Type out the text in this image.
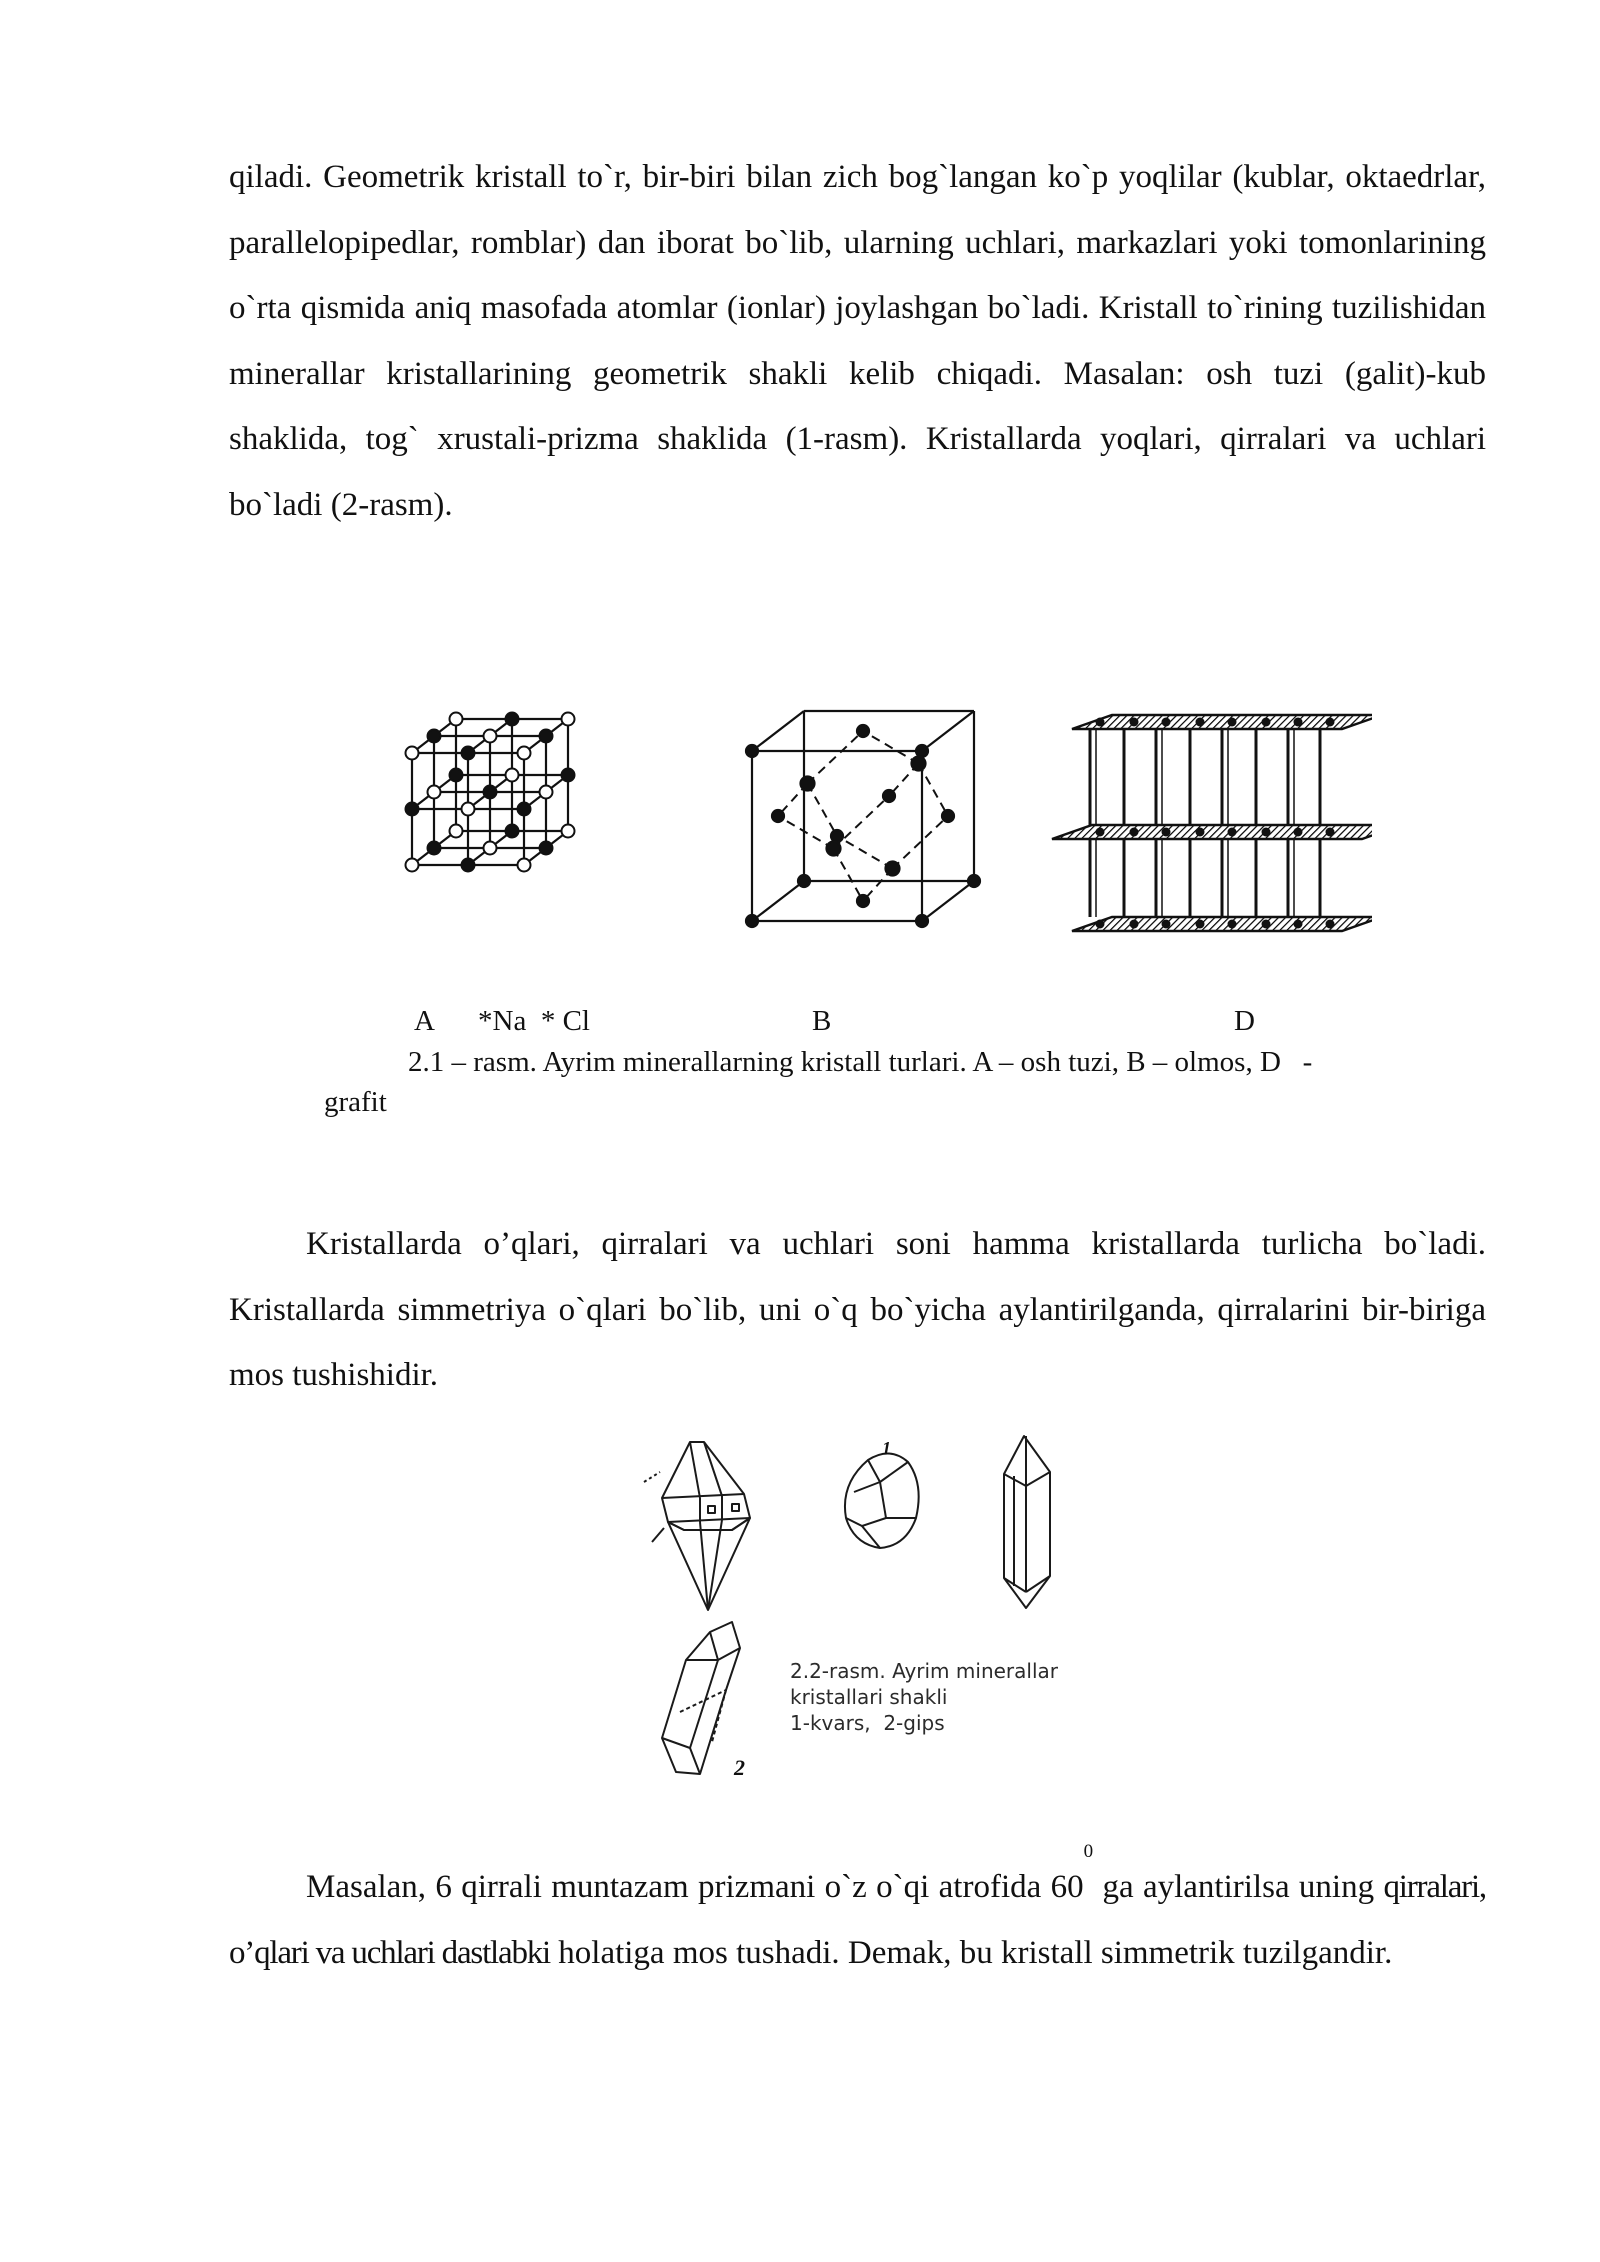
qiladi. Geometrik kristall to`r, bir-biri bilan zich bog`langan ko`p yoqlilar (kublar, oktaedrlar, parallelopipedlar, romblar) dan iborat bo`lib, ularning uchlari, markazlari yoki tomonlarining o`rta qismida aniq masofada atomlar (ionlar) joylashgan bo`ladi. Kristall to`rining tuzilishidan minerallar kristallarining geometrik shakli kelib chiqadi. Masalan: osh tuzi (galit)-kub shaklida, tog` xrustali-prizma shaklida (1-rasm). Kristallarda yoqlari, qirralari va uchlari bo`ladi (2-rasm).

A *Na  * Cl	B	D
2.1 – rasm. Ayrim minerallarning kristall turlari. A – osh tuzi, B – olmos, D   -
grafit

Kristallarda o’qlari, qirralari va uchlari soni hamma kristallarda turlicha bo`ladi. Kristallarda simmetriya o`qlari bo`lib, uni o`q bo`yicha aylantirilganda, qirralarini bir-biriga mos tushishidir.

1
2
2.2-rasm. Ayrim minerallar
kristallari shakli
1-kvars,  2-gips

Masalan, 6 qirrali muntazam prizmani o`z o`qi atrofida $60^0$ ga aylantirilsa uning qirralari, o’qlari va uchlari dastlabki holatiga mos tushadi. Demak, bu kristall simmetrik tuzilgandir.
